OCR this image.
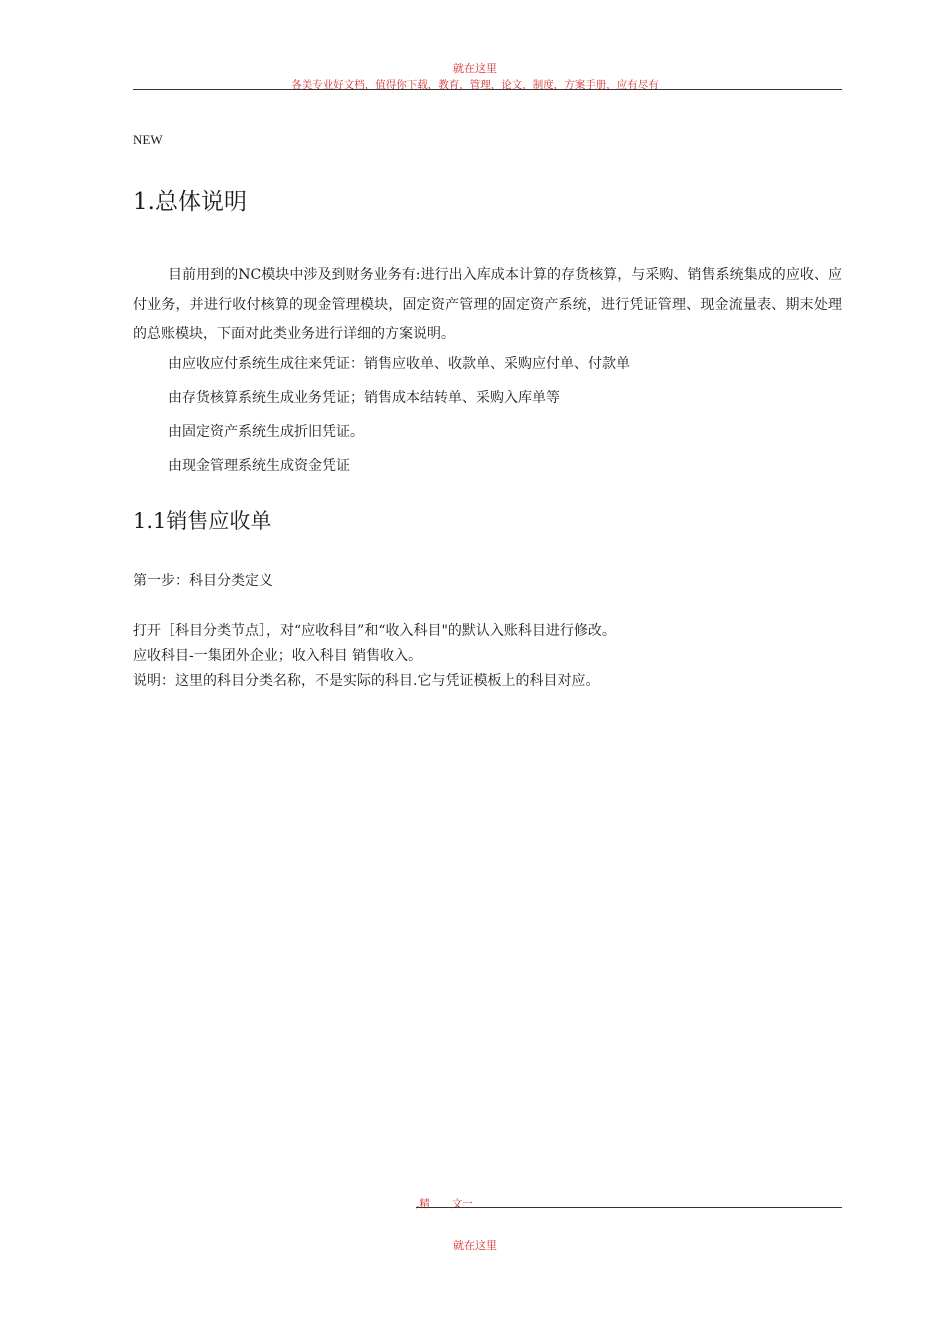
就在这里
各美专业好文档，值得你下载，教育，管理，论文，制度，方案手册，应有尽有
NEW
1.总体说明
目前用到的NC模块中涉及到财务业务有:进行出入库成本计算的存货核算，与采购、销售系统集成的应收、应付业务，并进行收付核算的现金管理模块，固定资产管理的固定资产系统，进行凭证管理、现金流量表、期末处理的总账模块，下面对此类业务进行详细的方案说明。
由应收应付系统生成往来凭证：销售应收单、收款单、采购应付单、付款单
由存货核算系统生成业务凭证；销售成本结转单、采购入库单等
由固定资产系统生成折旧凭证。
由现金管理系统生成资金凭证
1.1销售应收单
第一步：科目分类定义
打开［科目分类节点］，对“应收科目”和“收入科目"的默认入账科目进行修改。
应收科目-一集团外企业；收入科目 销售收入。
说明：这里的科目分类名称，不是实际的科目.它与凭证模板上的科目对应。
,精 文一
就在这里
